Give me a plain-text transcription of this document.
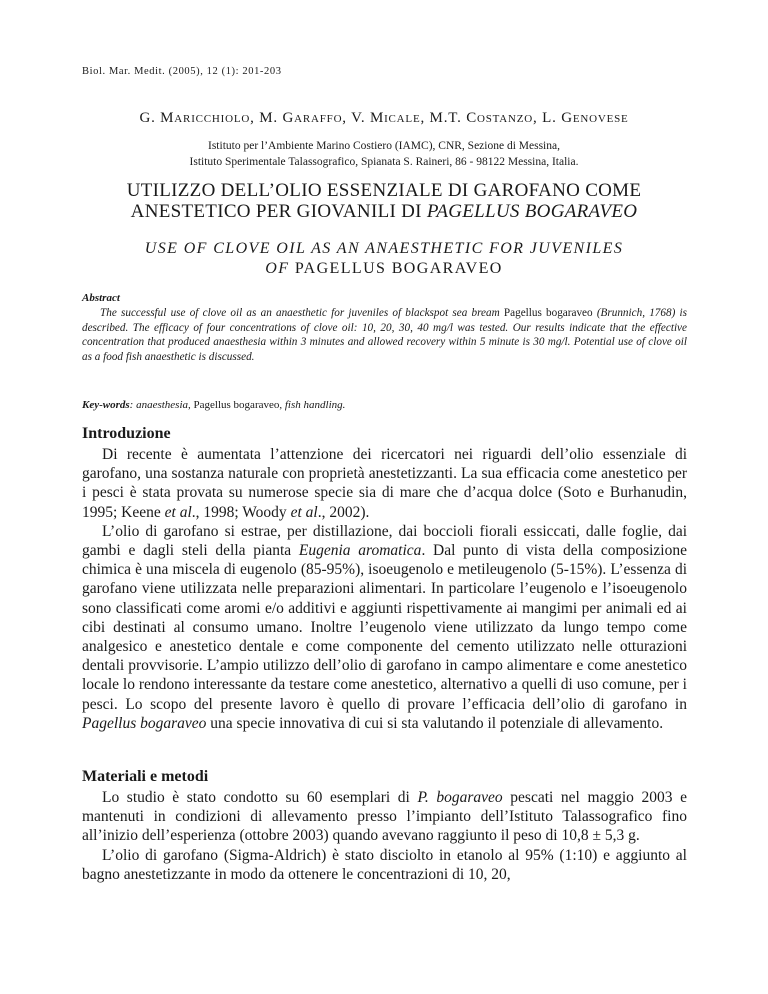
Biol. Mar. Medit. (2005), 12 (1): 201-203
G. Maricchiolo, M. Garaffo, V. Micale, M.T. Costanzo, L. Genovese
Istituto per l’Ambiente Marino Costiero (IAMC), CNR, Sezione di Messina,
Istituto Sperimentale Talassografico, Spianata S. Raineri, 86 - 98122 Messina, Italia.
UTILIZZO DELL’OLIO ESSENZIALE DI GAROFANO COME
ANESTETICO PER GIOVANILI DI PAGELLUS BOGARAVEO
USE OF CLOVE OIL AS AN ANAESTHETIC FOR JUVENILES
OF PAGELLUS BOGARAVEO
Abstract
The successful use of clove oil as an anaesthetic for juveniles of blackspot sea bream Pagellus bogaraveo (Brunnich, 1768) is described. The efficacy of four concentrations of clove oil: 10, 20, 30, 40 mg/l was tested. Our results indicate that the effective concentration that produced anaesthesia within 3 minutes and allowed recovery within 5 minute is 30 mg/l. Potential use of clove oil as a food fish anaesthetic is discussed.
Key-words: anaesthesia, Pagellus bogaraveo, fish handling.
Introduzione

Di recente è aumentata l’attenzione dei ricercatori nei riguardi dell’olio essenziale di garofano, una sostanza naturale con proprietà anestetizzanti. La sua efficacia come anestetico per i pesci è stata provata su numerose specie sia di mare che d’acqua dolce (Soto e Burhanudin, 1995; Keene et al., 1998; Woody et al., 2002).

L’olio di garofano si estrae, per distillazione, dai boccioli fiorali essiccati, dalle foglie, dai gambi e dagli steli della pianta Eugenia aromatica. Dal punto di vista della composizione chimica è una miscela di eugenolo (85-95%), isoeugenolo e metileugenolo (5-15%). L’essenza di garofano viene utilizzata nelle preparazioni alimentari. In particolare l’eugenolo e l’isoeugenolo sono classificati come aromi e/o additivi e aggiunti rispettivamente ai mangimi per animali ed ai cibi destinati al consumo umano. Inoltre l’eugenolo viene utilizzato da lungo tempo come analgesico e anestetico dentale e come componente del cemento utilizzato nelle otturazioni dentali provvisorie. L’ampio utilizzo dell’olio di garofano in campo alimentare e come anestetico locale lo rendono interessante da testare come anestetico, alternativo a quelli di uso comune, per i pesci. Lo scopo del presente lavoro è quello di provare l’efficacia dell’olio di garofano in Pagellus bogaraveo una specie innovativa di cui si sta valutando il potenziale di allevamento.

Materiali e metodi

Lo studio è stato condotto su 60 esemplari di P. bogaraveo pescati nel maggio 2003 e mantenuti in condizioni di allevamento presso l’impianto dell’Istituto Talassografico fino all’inizio dell’esperienza (ottobre 2003) quando avevano raggiunto il peso di 10,8 ± 5,3 g.

L’olio di garofano (Sigma-Aldrich) è stato disciolto in etanolo al 95% (1:10) e aggiunto al bagno anestetizzante in modo da ottenere le concentrazioni di 10, 20,
